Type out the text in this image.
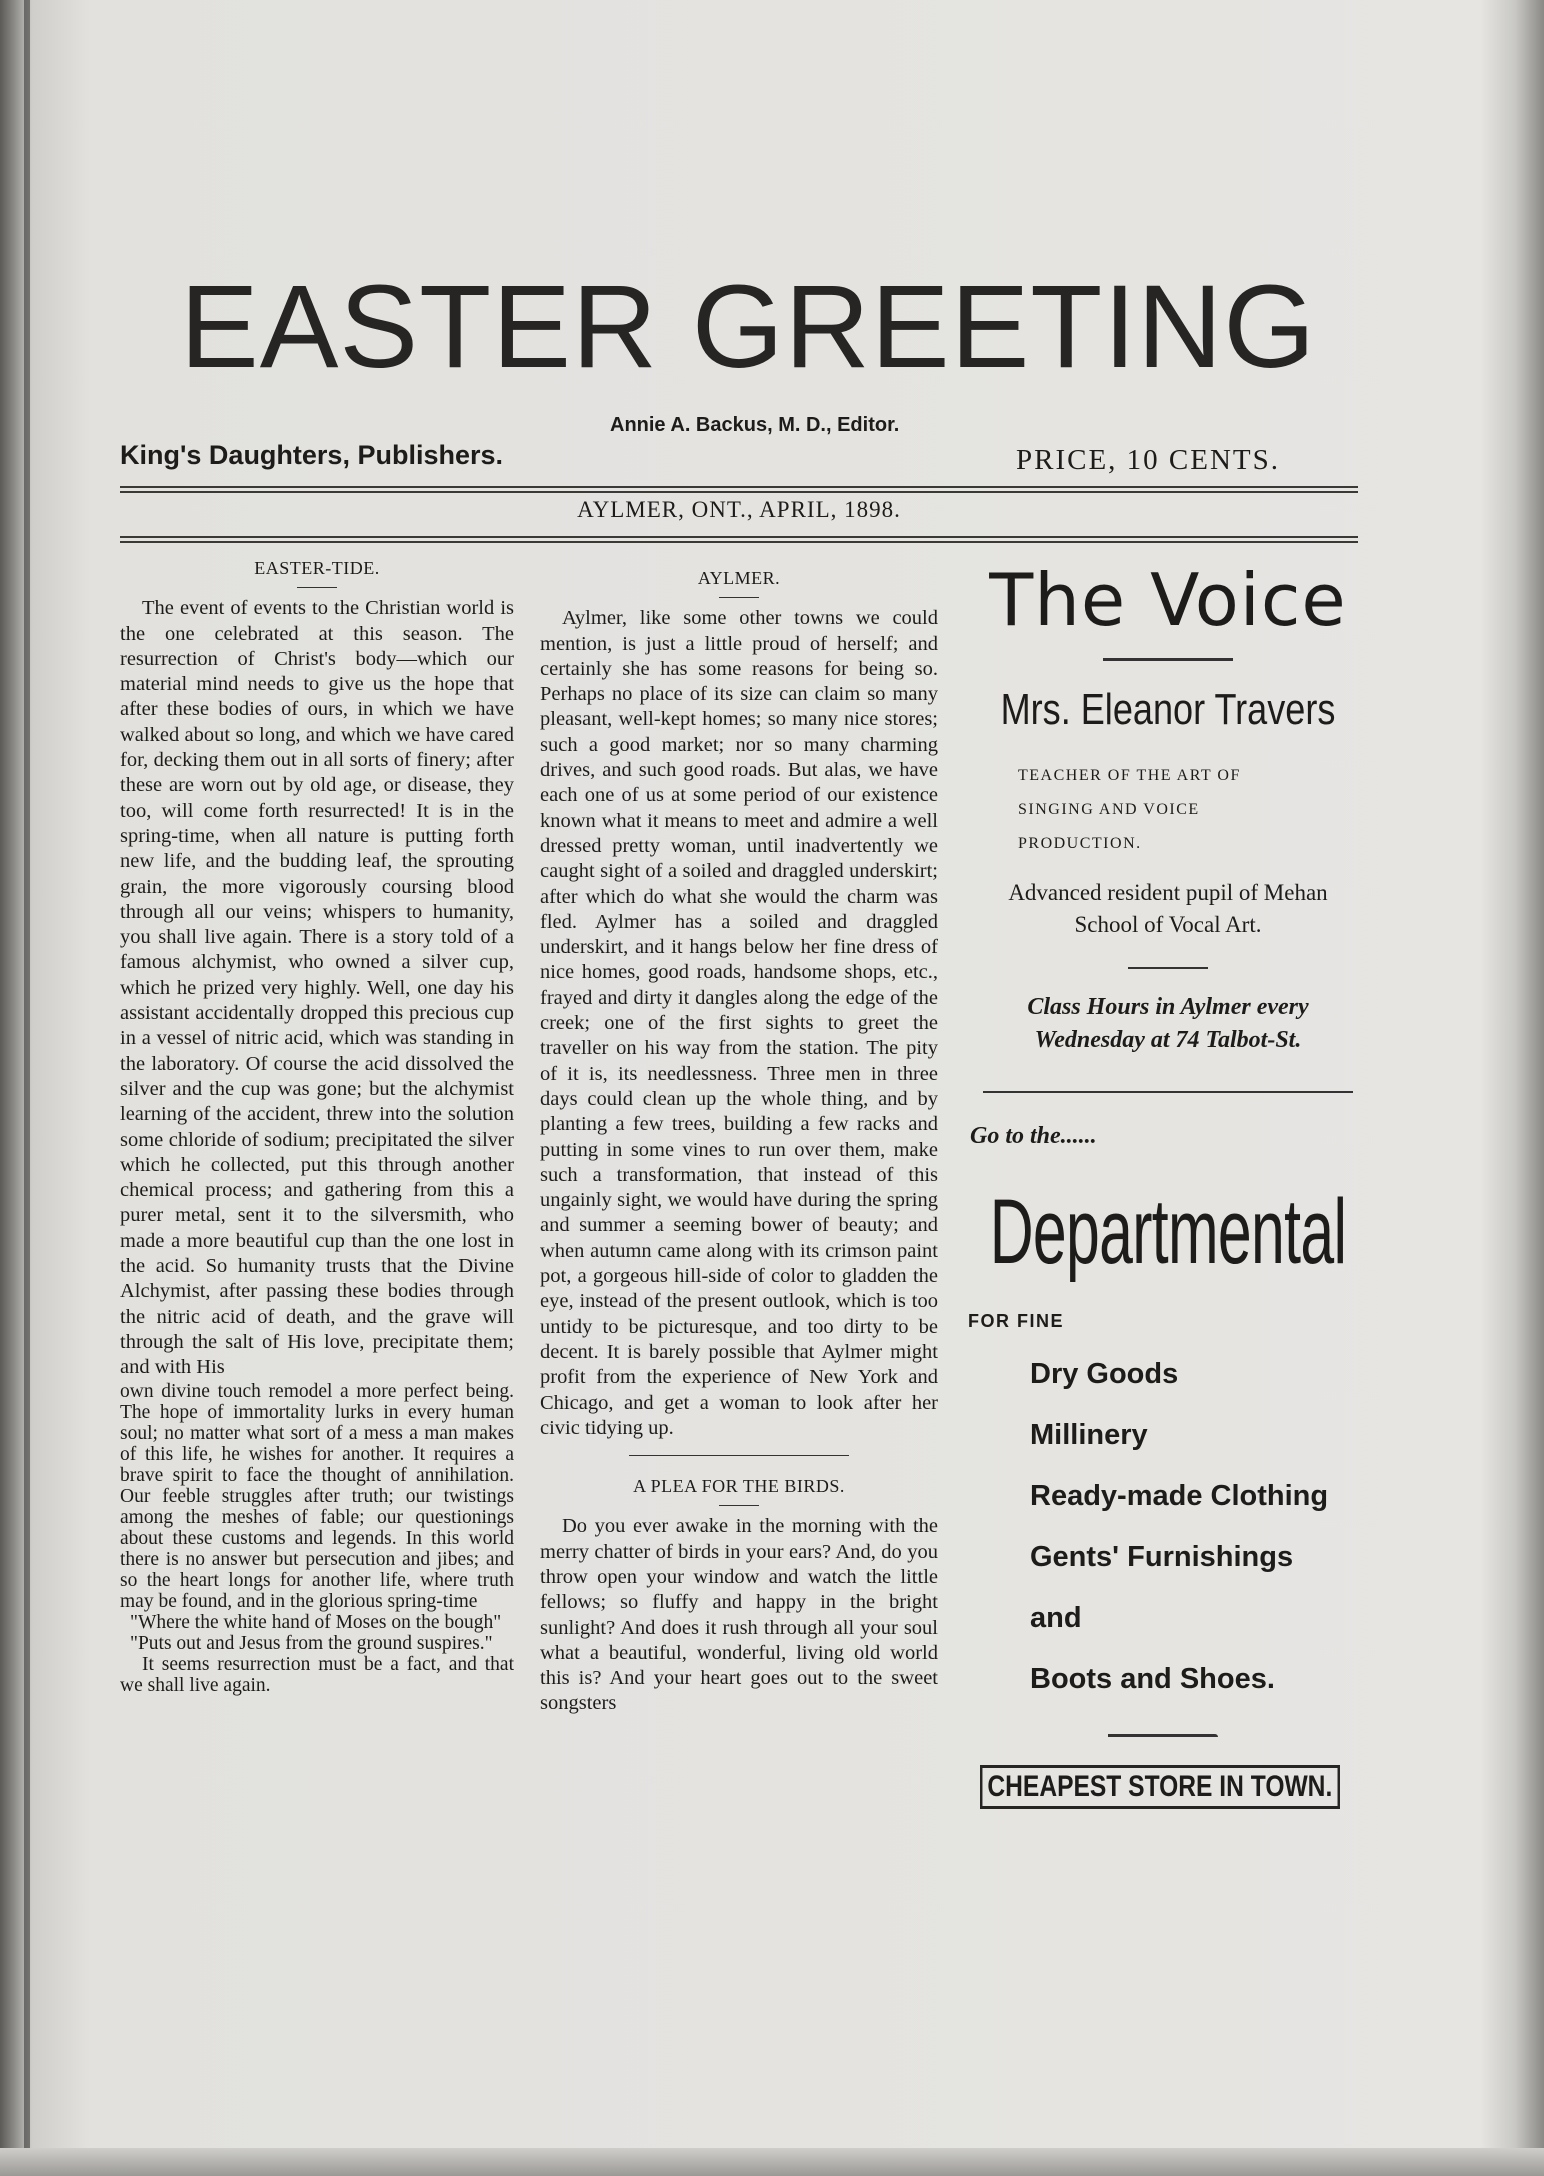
EASTER GREETING
Annie A. Backus, M. D., Editor.
King's Daughters, Publishers.	PRICE, 10 CENTS.
AYLMER, ONT., APRIL, 1898.
EASTER-TIDE.

The event of events to the Christian world is the one celebrated at this season. The resurrection of Christ's body—which our material mind needs to give us the hope that after these bodies of ours, in which we have walked about so long, and which we have cared for, decking them out in all sorts of finery; after these are worn out by old age, or disease, they too, will come forth resurrected! It is in the spring-time, when all nature is putting forth new life, and the budding leaf, the sprouting grain, the more vigorously coursing blood through all our veins; whispers to humanity, you shall live again. There is a story told of a famous alchymist, who owned a silver cup, which he prized very highly. Well, one day his assistant accidentally dropped this precious cup in a vessel of nitric acid, which was standing in the laboratory. Of course the acid dissolved the silver and the cup was gone; but the alchymist learning of the accident, threw into the solution some chloride of sodium; precipitated the silver which he collected, put this through another chemical process; and gathering from this a purer metal, sent it to the silversmith, who made a more beautiful cup than the one lost in the acid. So humanity trusts that the Divine Alchymist, after passing these bodies through the nitric acid of death, and the grave will through the salt of His love, precipitate them; and with His

own divine touch remodel a more perfect being. The hope of immortality lurks in every human soul; no matter what sort of a mess a man makes of this life, he wishes for another. It requires a brave spirit to face the thought of annihilation. Our feeble struggles after truth; our twistings among the meshes of fable; our questionings about these customs and legends. In this world there is no answer but persecution and jibes; and so the heart longs for another life, where truth may be found, and in the glorious spring-time

"Where the white hand of Moses on the bough"

"Puts out and Jesus from the ground suspires."

It seems resurrection must be a fact, and that we shall live again.

AYLMER.

Aylmer, like some other towns we could mention, is just a little proud of herself; and certainly she has some reasons for being so. Perhaps no place of its size can claim so many pleasant, well-kept homes; so many nice stores; such a good market; nor so many charming drives, and such good roads. But alas, we have each one of us at some period of our existence known what it means to meet and admire a well dressed pretty woman, until inadvertently we caught sight of a soiled and draggled underskirt; after which do what she would the charm was fled. Aylmer has a soiled and draggled underskirt, and it hangs below her fine dress of nice homes, good roads, handsome shops, etc., frayed and dirty it dangles along the edge of the creek; one of the first sights to greet the traveller on his way from the station. The pity of it is, its needlessness. Three men in three days could clean up the whole thing, and by planting a few trees, building a few racks and putting in some vines to run over them, make such a transformation, that instead of this ungainly sight, we would have during the spring and summer a seeming bower of beauty; and when autumn came along with its crimson paint pot, a gorgeous hill-side of color to gladden the eye, instead of the present outlook, which is too untidy to be picturesque, and too dirty to be decent. It is barely possible that Aylmer might profit from the experience of New York and Chicago, and get a woman to look after her civic tidying up.

A PLEA FOR THE BIRDS.

Do you ever awake in the morning with the merry chatter of birds in your ears? And, do you throw open your window and watch the little fellows; so fluffy and happy in the bright sunlight? And does it rush through all your soul what a beautiful, wonderful, living old world this is? And your heart goes out to the sweet songsters

The Voice
Mrs. Eleanor Travers
TEACHER OF THE ART OF
SINGING AND VOICE
PRODUCTION.
Advanced resident pupil of Mehan
School of Vocal Art.
Class Hours in Aylmer every
Wednesday at 74 Talbot-St.
Go to the......
Departmental
FOR FINE
Dry Goods
Millinery
Ready-made Clothing
Gents' Furnishings
and
Boots and Shoes.
CHEAPEST STORE IN TOWN.
